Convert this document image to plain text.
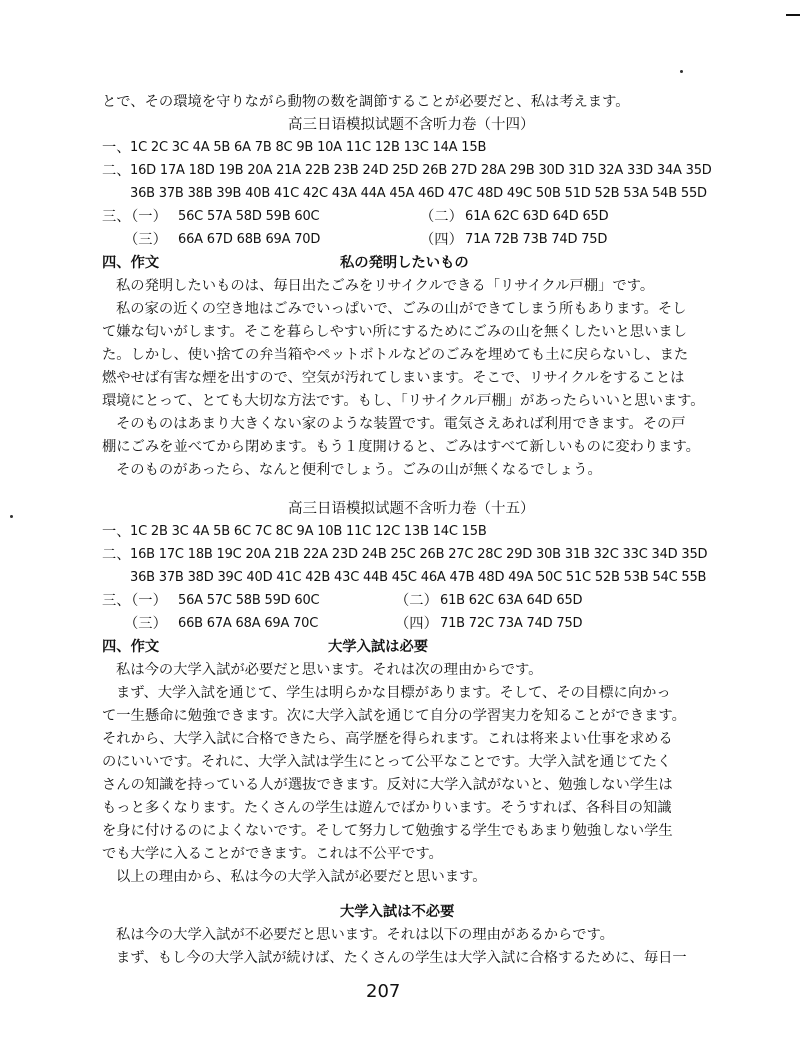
とで、その環境を守りながら動物の数を調節することが必要だと、私は考えます。
高三日语模拟试题不含听力卷（十四）
一、 1C 2C 3C 4A 5B 6A 7B 8C 9B 10A 11C 12B 13C 14A 15B
二、 16D 17A 18D 19B 20A 21A 22B 23B 24D 25D 26B 27D 28A 29B 30D 31D 32A 33D 34A 35D
36B 37B 38B 39B 40B 41C 42C 43A 44A 45A 46D 47C 48D 49C 50B 51D 52B 53A 54B 55D
三、
（一） 56C 57A 58D 59B 60C	（二） 61A 62C 63D 64D 65D
（三） 66A 67D 68B 69A 70D	（四） 71A 72B 73B 74D 75D
四、作文	私の発明したいもの
私の発明したいものは、毎日出たごみをリサイクルできる「リサイクル戸棚」です。
私の家の近くの空き地はごみでいっぱいで、ごみの山ができてしまう所もあります。そし
て嫌な匂いがします。そこを暮らしやすい所にするためにごみの山を無くしたいと思いまし
た。しかし、使い捨ての弁当箱やペットボトルなどのごみを埋めても土に戻らないし、また
燃やせば有害な煙を出すので、空気が汚れてしまいます。そこで、リサイクルをすることは
環境にとって、とても大切な方法です。もし、「リサイクル戸棚」があったらいいと思います。
そのものはあまり大きくない家のような装置です。電気さえあれば利用できます。その戸
棚にごみを並べてから閉めます。もう１度開けると、ごみはすべて新しいものに変わります。
そのものがあったら、なんと便利でしょう。ごみの山が無くなるでしょう。
高三日语模拟试题不含听力卷（十五）
一、 1C 2B 3C 4A 5B 6C 7C 8C 9A 10B 11C 12C 13B 14C 15B
二、 16B 17C 18B 19C 20A 21B 22A 23D 24B 25C 26B 27C 28C 29D 30B 31B 32C 33C 34D 35D
36B 37B 38D 39C 40D 41C 42B 43C 44B 45C 46A 47B 48D 49A 50C 51C 52B 53B 54C 55B
三、
（一） 56A 57C 58B 59D 60C	（二） 61B 62C 63A 64D 65D
（三） 66B 67A 68A 69A 70C	（四） 71B 72C 73A 74D 75D
四、作文	大学入試は必要
私は今の大学入試が必要だと思います。それは次の理由からです。
まず、大学入試を通じて、学生は明らかな目標があります。そして、その目標に向かっ
て一生懸命に勉強できます。次に大学入試を通じて自分の学習実力を知ることができます。
それから、大学入試に合格できたら、高学歴を得られます。これは将来よい仕事を求める
のにいいです。それに、大学入試は学生にとって公平なことです。大学入試を通じてたく
さんの知識を持っている人が選抜できます。反対に大学入試がないと、勉強しない学生は
もっと多くなります。たくさんの学生は遊んでばかりいます。そうすれば、各科目の知識
を身に付けるのによくないです。そして努力して勉強する学生でもあまり勉強しない学生
でも大学に入ることができます。これは不公平です。
以上の理由から、私は今の大学入試が必要だと思います。
大学入試は不必要
私は今の大学入試が不必要だと思います。それは以下の理由があるからです。
まず、もし今の大学入試が続けば、たくさんの学生は大学入試に合格するために、毎日一
207
